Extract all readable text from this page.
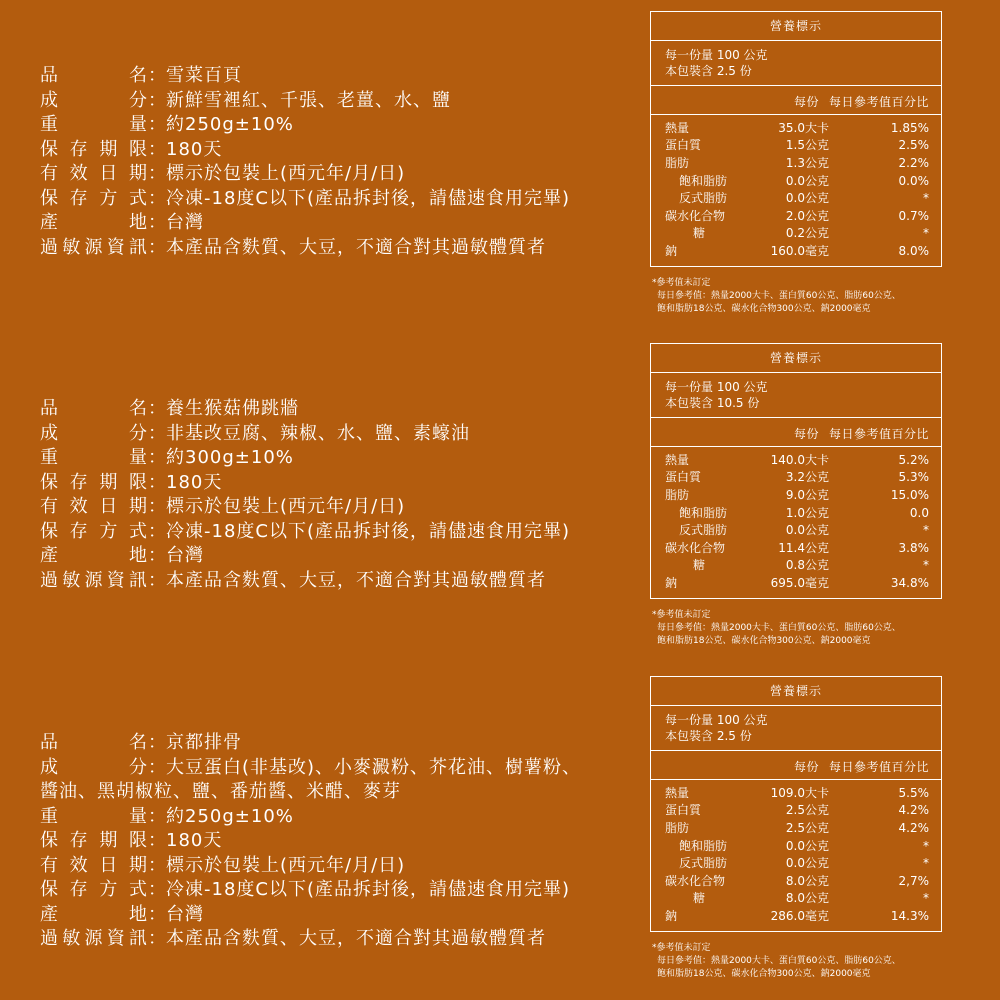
品　　名 ： 雪菜百頁
成　　分 ： 新鮮雪裡紅、千張、老薑、水、鹽
重　　量 ： 約250g±10%
保存期限 ： 180天
有效日期 ： 標示於包裝上(西元年/月/日)
保存方式 ： 冷凍-18度C以下(產品拆封後，請儘速食用完畢)
產　　地 ： 台灣
過敏源資訊 ： 本產品含麩質、大豆，不適合對其過敏體質者
品　　名 ： 養生猴菇佛跳牆
成　　分 ： 非基改豆腐、辣椒、水、鹽、素蠔油
重　　量 ： 約300g±10%
保存期限 ： 180天
有效日期 ： 標示於包裝上(西元年/月/日)
保存方式 ： 冷凍-18度C以下(產品拆封後，請儘速食用完畢)
產　　地 ： 台灣
過敏源資訊 ： 本產品含麩質、大豆，不適合對其過敏體質者
品　　名 ： 京都排骨
成　　分 ： 大豆蛋白(非基改)、小麥澱粉、芥花油、樹薯粉、
醬油、黑胡椒粒、鹽、番茄醬、米醋、麥芽
重　　量 ： 約250g±10%
保存期限 ： 180天
有效日期 ： 標示於包裝上(西元年/月/日)
保存方式 ： 冷凍-18度C以下(產品拆封後，請儘速食用完畢)
產　　地 ： 台灣
過敏源資訊 ： 本產品含麩質、大豆，不適合對其過敏體質者
營養標示
每一份量 100 公克
本包裝含 2.5 份
每份 每日參考值百分比
熱量	35.0大卡	1.85%
蛋白質	1.5公克	2.5%
脂肪	1.3公克	2.2%
飽和脂肪	0.0公克	0.0%
反式脂肪	0.0公克	*
碳水化合物	2.0公克	0.7%
糖	0.2公克	*
鈉	160.0毫克	8.0%
*參考值未訂定
每日參考值：熱量2000大卡、蛋白質60公克、脂肪60公克、
飽和脂肪18公克、碳水化合物300公克、鈉2000毫克
營養標示
每一份量 100 公克
本包裝含 10.5 份
每份 每日參考值百分比
熱量	140.0大卡	5.2%
蛋白質	3.2公克	5.3%
脂肪	9.0公克	15.0%
飽和脂肪	1.0公克	0.0
反式脂肪	0.0公克	*
碳水化合物	11.4公克	3.8%
糖	0.8公克	*
鈉	695.0毫克	34.8%
*參考值未訂定
每日參考值：熱量2000大卡、蛋白質60公克、脂肪60公克、
飽和脂肪18公克、碳水化合物300公克、鈉2000毫克
營養標示
每一份量 100 公克
本包裝含 2.5 份
每份 每日參考值百分比
熱量	109.0大卡	5.5%
蛋白質	2.5公克	4.2%
脂肪	2.5公克	4.2%
飽和脂肪	0.0公克	*
反式脂肪	0.0公克	*
碳水化合物	8.0公克	2,7%
糖	8.0公克	*
鈉	286.0毫克	14.3%
*參考值未訂定
每日參考值：熱量2000大卡、蛋白質60公克、脂肪60公克、
飽和脂肪18公克、碳水化合物300公克、鈉2000毫克
